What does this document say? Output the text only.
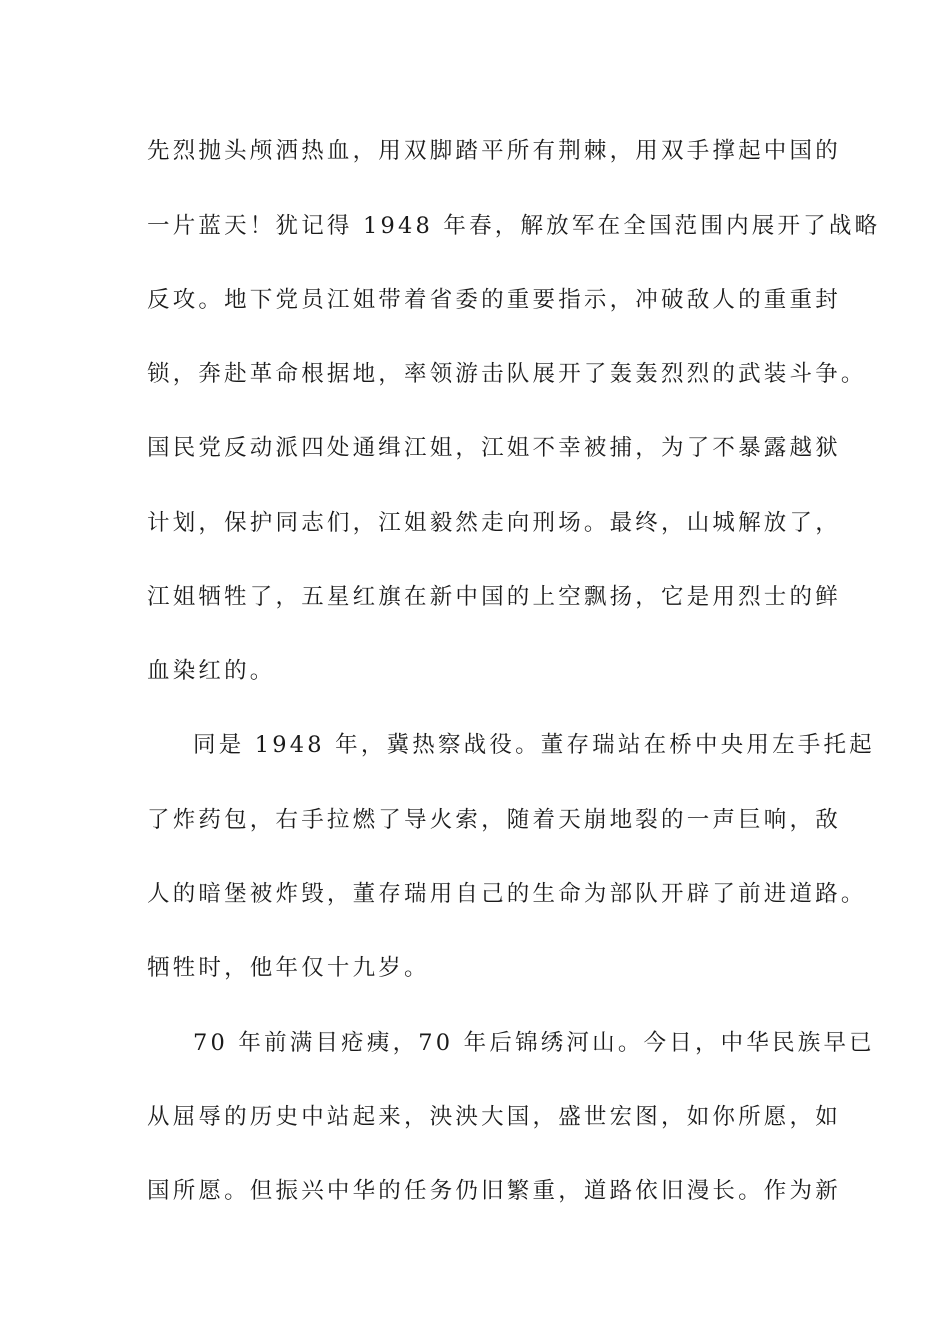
先烈抛头颅洒热血，用双脚踏平所有荆棘，用双手撑起中国的
一片蓝天！犹记得 1948 年春，解放军在全国范围内展开了战略
反攻。地下党员江姐带着省委的重要指示，冲破敌人的重重封
锁，奔赴革命根据地，率领游击队展开了轰轰烈烈的武装斗争。
国民党反动派四处通缉江姐，江姐不幸被捕，为了不暴露越狱
计划，保护同志们，江姐毅然走向刑场。最终，山城解放了，
江姐牺牲了，五星红旗在新中国的上空飘扬，它是用烈士的鲜
血染红的。
同是 1948 年，冀热察战役。董存瑞站在桥中央用左手托起
了炸药包，右手拉燃了导火索，随着天崩地裂的一声巨响，敌
人的暗堡被炸毁，董存瑞用自己的生命为部队开辟了前进道路。
牺牲时，他年仅十九岁。
70 年前满目疮痍，70 年后锦绣河山。今日，中华民族早已
从屈辱的历史中站起来，泱泱大国，盛世宏图，如你所愿，如
国所愿。但振兴中华的任务仍旧繁重，道路依旧漫长。作为新
